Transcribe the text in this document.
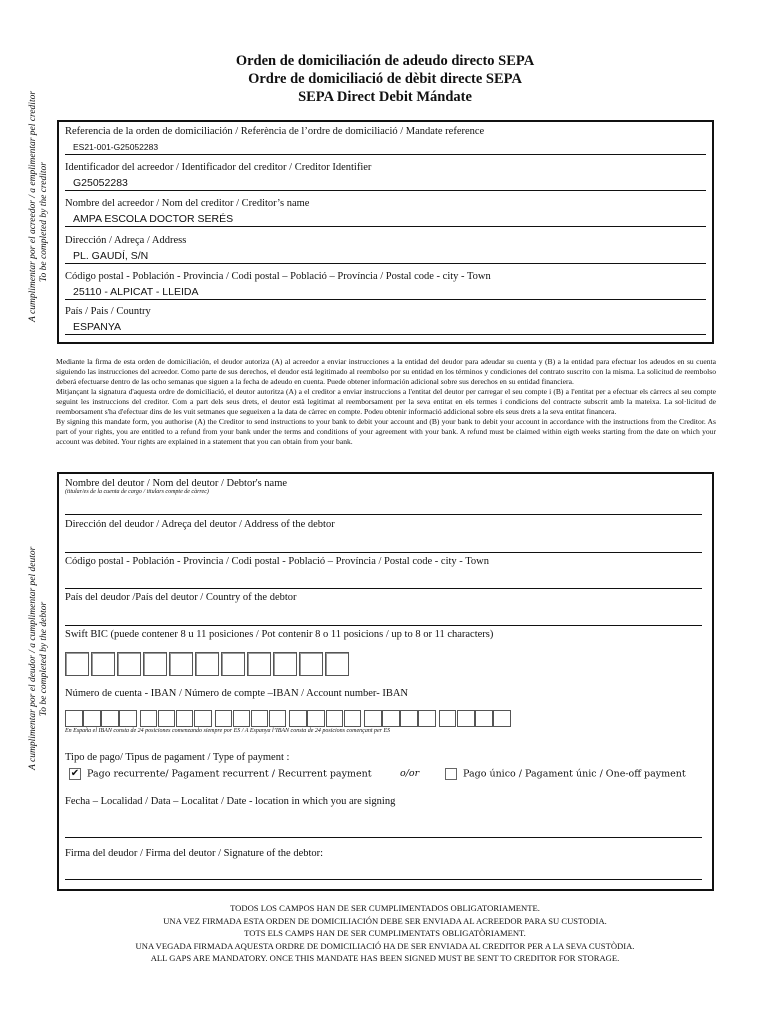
Orden de domiciliación de adeudo directo SEPA
Ordre de domiciliació de dèbit directe SEPA
SEPA Direct Debit Mándate
A cumplimentar por el acreedor / a emplimentar pel creditor To be completed by the creditor
A cumplimentar por el deudor / a cumplimentar pel deutor To be completed by the debtor
Referencia de la orden de domiciliación / Referència de l’ordre de domiciliació / Mandate reference
ES21-001-G25052283
Identificador del acreedor / Identificador del creditor / Creditor Identifier
G25052283
Nombre del acreedor / Nom del creditor / Creditor’s name
AMPA ESCOLA DOCTOR SERÉS
Dirección / Adreça / Address
PL. GAUDÍ, S/N
Código postal - Población - Provincia / Codi postal – Població – Província / Postal code - city - Town
25110 - ALPICAT - LLEIDA
País / Pais / Country
ESPANYA

Mediante la firma de esta orden de domiciliación, el deudor autoriza (A) al acreedor a enviar instrucciones a la entidad del deudor para adeudar su cuenta y (B) a la entidad para efectuar los adeudos en su cuenta siguiendo las instrucciones del acreedor. Como parte de sus derechos, el deudor está legitimado al reembolso por su entidad en los términos y condiciones del contrato suscrito con la misma. La solicitud de reembolso deberá efectuarse dentro de las ocho semanas que siguen a la fecha de adeudo en cuenta. Puede obtener información adicional sobre sus derechos en su entidad financiera.

Mitjançant la signatura d'aquesta ordre de domiciliació, el deutor autoritza (A) a el creditor a enviar instruccions a l'entitat del deutor per carregar el seu compte i (B) a l'entitat per a efectuar els càrrecs al seu compte seguint les instruccions del creditor. Com a part dels seus drets, el deutor està legitimat al reemborsament per la seva entitat en els termes i condicions del contracte subscrit amb la mateixa. La sol·licitud de reemborsament s'ha d'efectuar dins de les vuit setmanes que segueixen a la data de càrrec en compte. Podeu obtenir informació addicional sobre els seus drets a la seva entitat financera.

By signing this mandate form, you authorise (A) the Creditor to send instructions to your bank to debit your account and (B) your bank to debit your account in accordance with the instructions from the Creditor. As part of your rights, you are entitled to a refund from your bank under the terms and conditions of your agreement with your bank. A refund must be claimed within eigth weeks starting from the date on which your account was debited. Your rights are explained in a statement that you can obtain from your bank.

Nombre del deutor / Nom del deutor / Debtor's name
(titular/es de la cuenta de cargo / titulars compte de càrrec)
Dirección del deudor / Adreça del deutor / Address of the debtor
Código postal - Población - Provincia / Codi postal - Població – Província / Postal code - city - Town
País del deudor /País del deutor / Country of the debtor
Swift BIC (puede contener 8 u 11 posiciones / Pot contenir 8 o 11 posicions / up to 8 or 11 characters)
Número de cuenta - IBAN / Número de compte –IBAN / Account number- IBAN
En España el IBAN consta de 24 posiciones comenzando siempre por ES / A Espanya l’IBAN consta de 24 posicions començant per ES
Tipo de pago/ Tipus de pagament / Type of payment :
✔ Pago recurrente/ Pagament recurrent / Recurrent payment	o/or	Pago único / Pagament únic / One-off payment
Fecha – Localidad / Data – Localitat / Date - location in which you are signing
Firma del deudor / Firma del deutor / Signature of the debtor:
TODOS LOS CAMPOS HAN DE SER CUMPLIMENTADOS OBLIGATORIAMENTE.
UNA VEZ FIRMADA ESTA ORDEN DE DOMICILIACIÓN DEBE SER ENVIADA AL ACREEDOR PARA SU CUSTODIA.
TOTS ELS CAMPS HAN DE SER CUMPLIMENTATS OBLIGATÒRIAMENT.
UNA VEGADA FIRMADA AQUESTA ORDRE DE DOMICILIACIÓ HA DE SER ENVIADA AL CREDITOR PER A LA SEVA CUSTÒDIA.
ALL GAPS ARE MANDATORY. ONCE THIS MANDATE HAS BEEN SIGNED MUST BE SENT TO CREDITOR FOR STORAGE.
